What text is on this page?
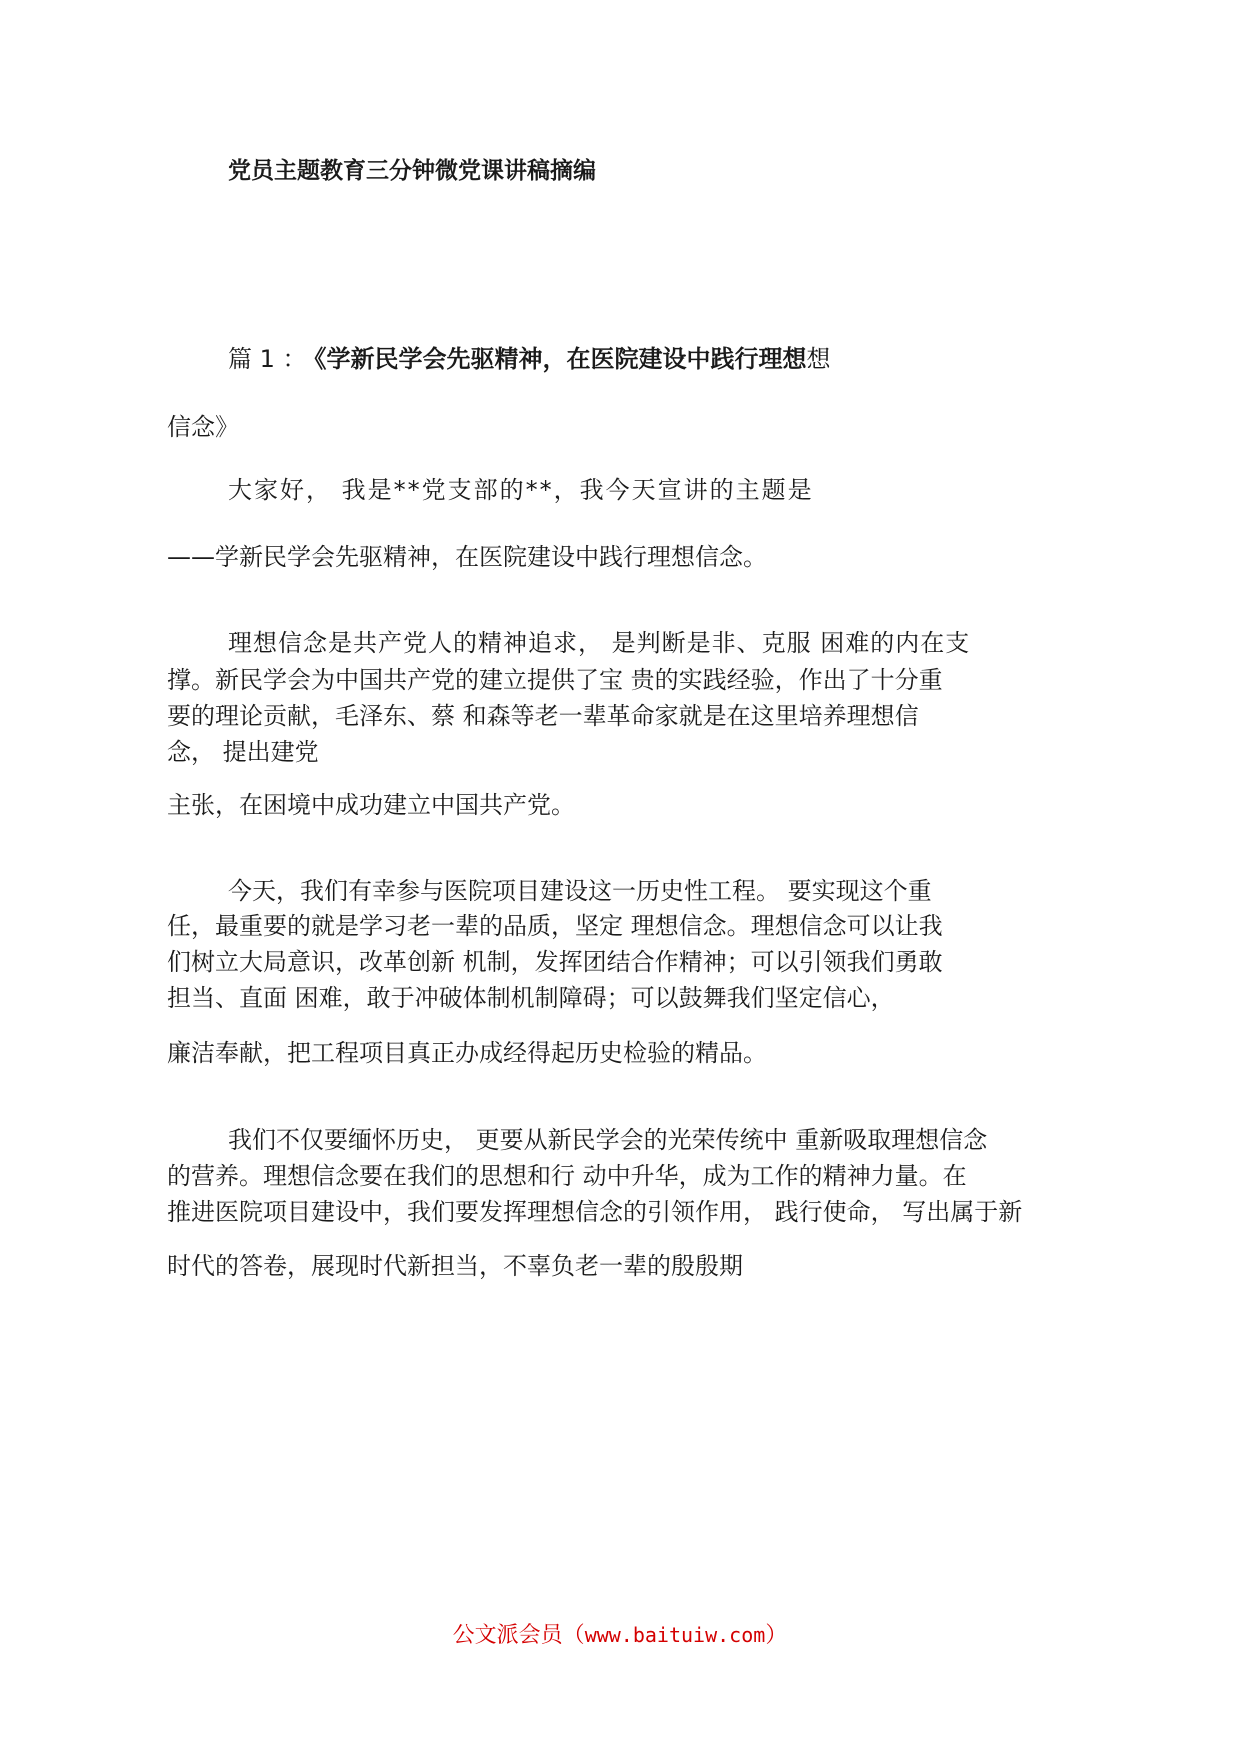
党员主题教育三分钟微党课讲稿摘编
篇 1 ： 《学新民学会先驱精神，在医院建设中践行理想想
信念》
大家好， 我是**党支部的**，我今天宣讲的主题是
——学新民学会先驱精神，在医院建设中践行理想信念。
理想信念是共产党人的精神追求， 是判断是非、克服 困难的内在支
撑。新民学会为中国共产党的建立提供了宝 贵的实践经验，作出了十分重
要的理论贡献，毛泽东、蔡 和森等老一辈革命家就是在这里培养理想信
念， 提出建党
主张，在困境中成功建立中国共产党。
今天，我们有幸参与医院项目建设这一历史性工程。 要实现这个重
任，最重要的就是学习老一辈的品质，坚定 理想信念。理想信念可以让我
们树立大局意识，改革创新 机制，发挥团结合作精神；可以引领我们勇敢
担当、直面 困难，敢于冲破体制机制障碍；可以鼓舞我们坚定信心，
廉洁奉献，把工程项目真正办成经得起历史检验的精品。
我们不仅要缅怀历史， 更要从新民学会的光荣传统中 重新吸取理想信念
的营养。理想信念要在我们的思想和行 动中升华，成为工作的精神力量。在
推进医院项目建设中，我们要发挥理想信念的引领作用， 践行使命， 写出属于新
时代的答卷，展现时代新担当，不辜负老一辈的殷殷期
公文派会员（www.baituiw.com）
